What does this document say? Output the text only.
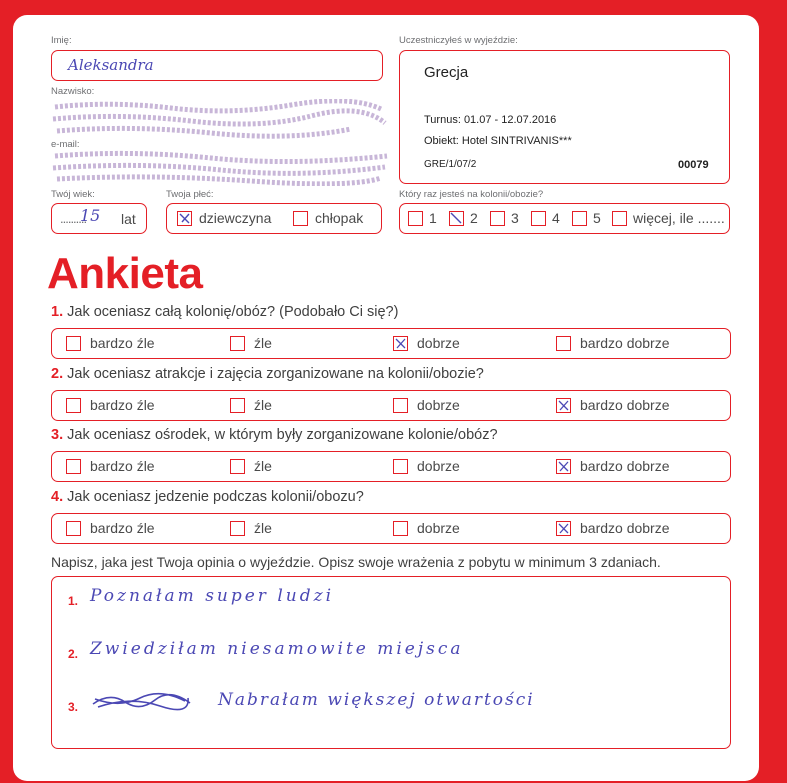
Imię:
Aleksandra
Nazwisko:
e-mail:
Twój wiek:
..........
15 lat
Twoja płeć:
dziewczyna	chłopak
Uczestniczyłeś w wyjeździe:
Grecja
Turnus: 01.07 - 12.07.2016
Obiekt: Hotel SINTRIVANIS***
GRE/1/07/2	00079
Który raz jesteś na kolonii/obozie?
1 2 3 4 5 więcej, ile .......
Ankieta
1. Jak oceniasz całą kolonię/obóz? (Podobało Ci się?)
bardzo źle	źle	dobrze	bardzo dobrze
2. Jak oceniasz atrakcje i zajęcia zorganizowane na kolonii/obozie?
bardzo źle	źle	dobrze	bardzo dobrze
3. Jak oceniasz ośrodek, w którym były zorganizowane kolonie/obóz?
bardzo źle	źle	dobrze	bardzo dobrze
4. Jak oceniasz jedzenie podczas kolonii/obozu?
bardzo źle	źle	dobrze	bardzo dobrze
Napisz, jaka jest Twoja opinia o wyjeździe. Opisz swoje wrażenia z pobytu w minimum 3 zdaniach.
1. Poznałam super ludzi
2. Zwiedziłam niesamowite miejsca
3.	Nabrałam większej otwartości
